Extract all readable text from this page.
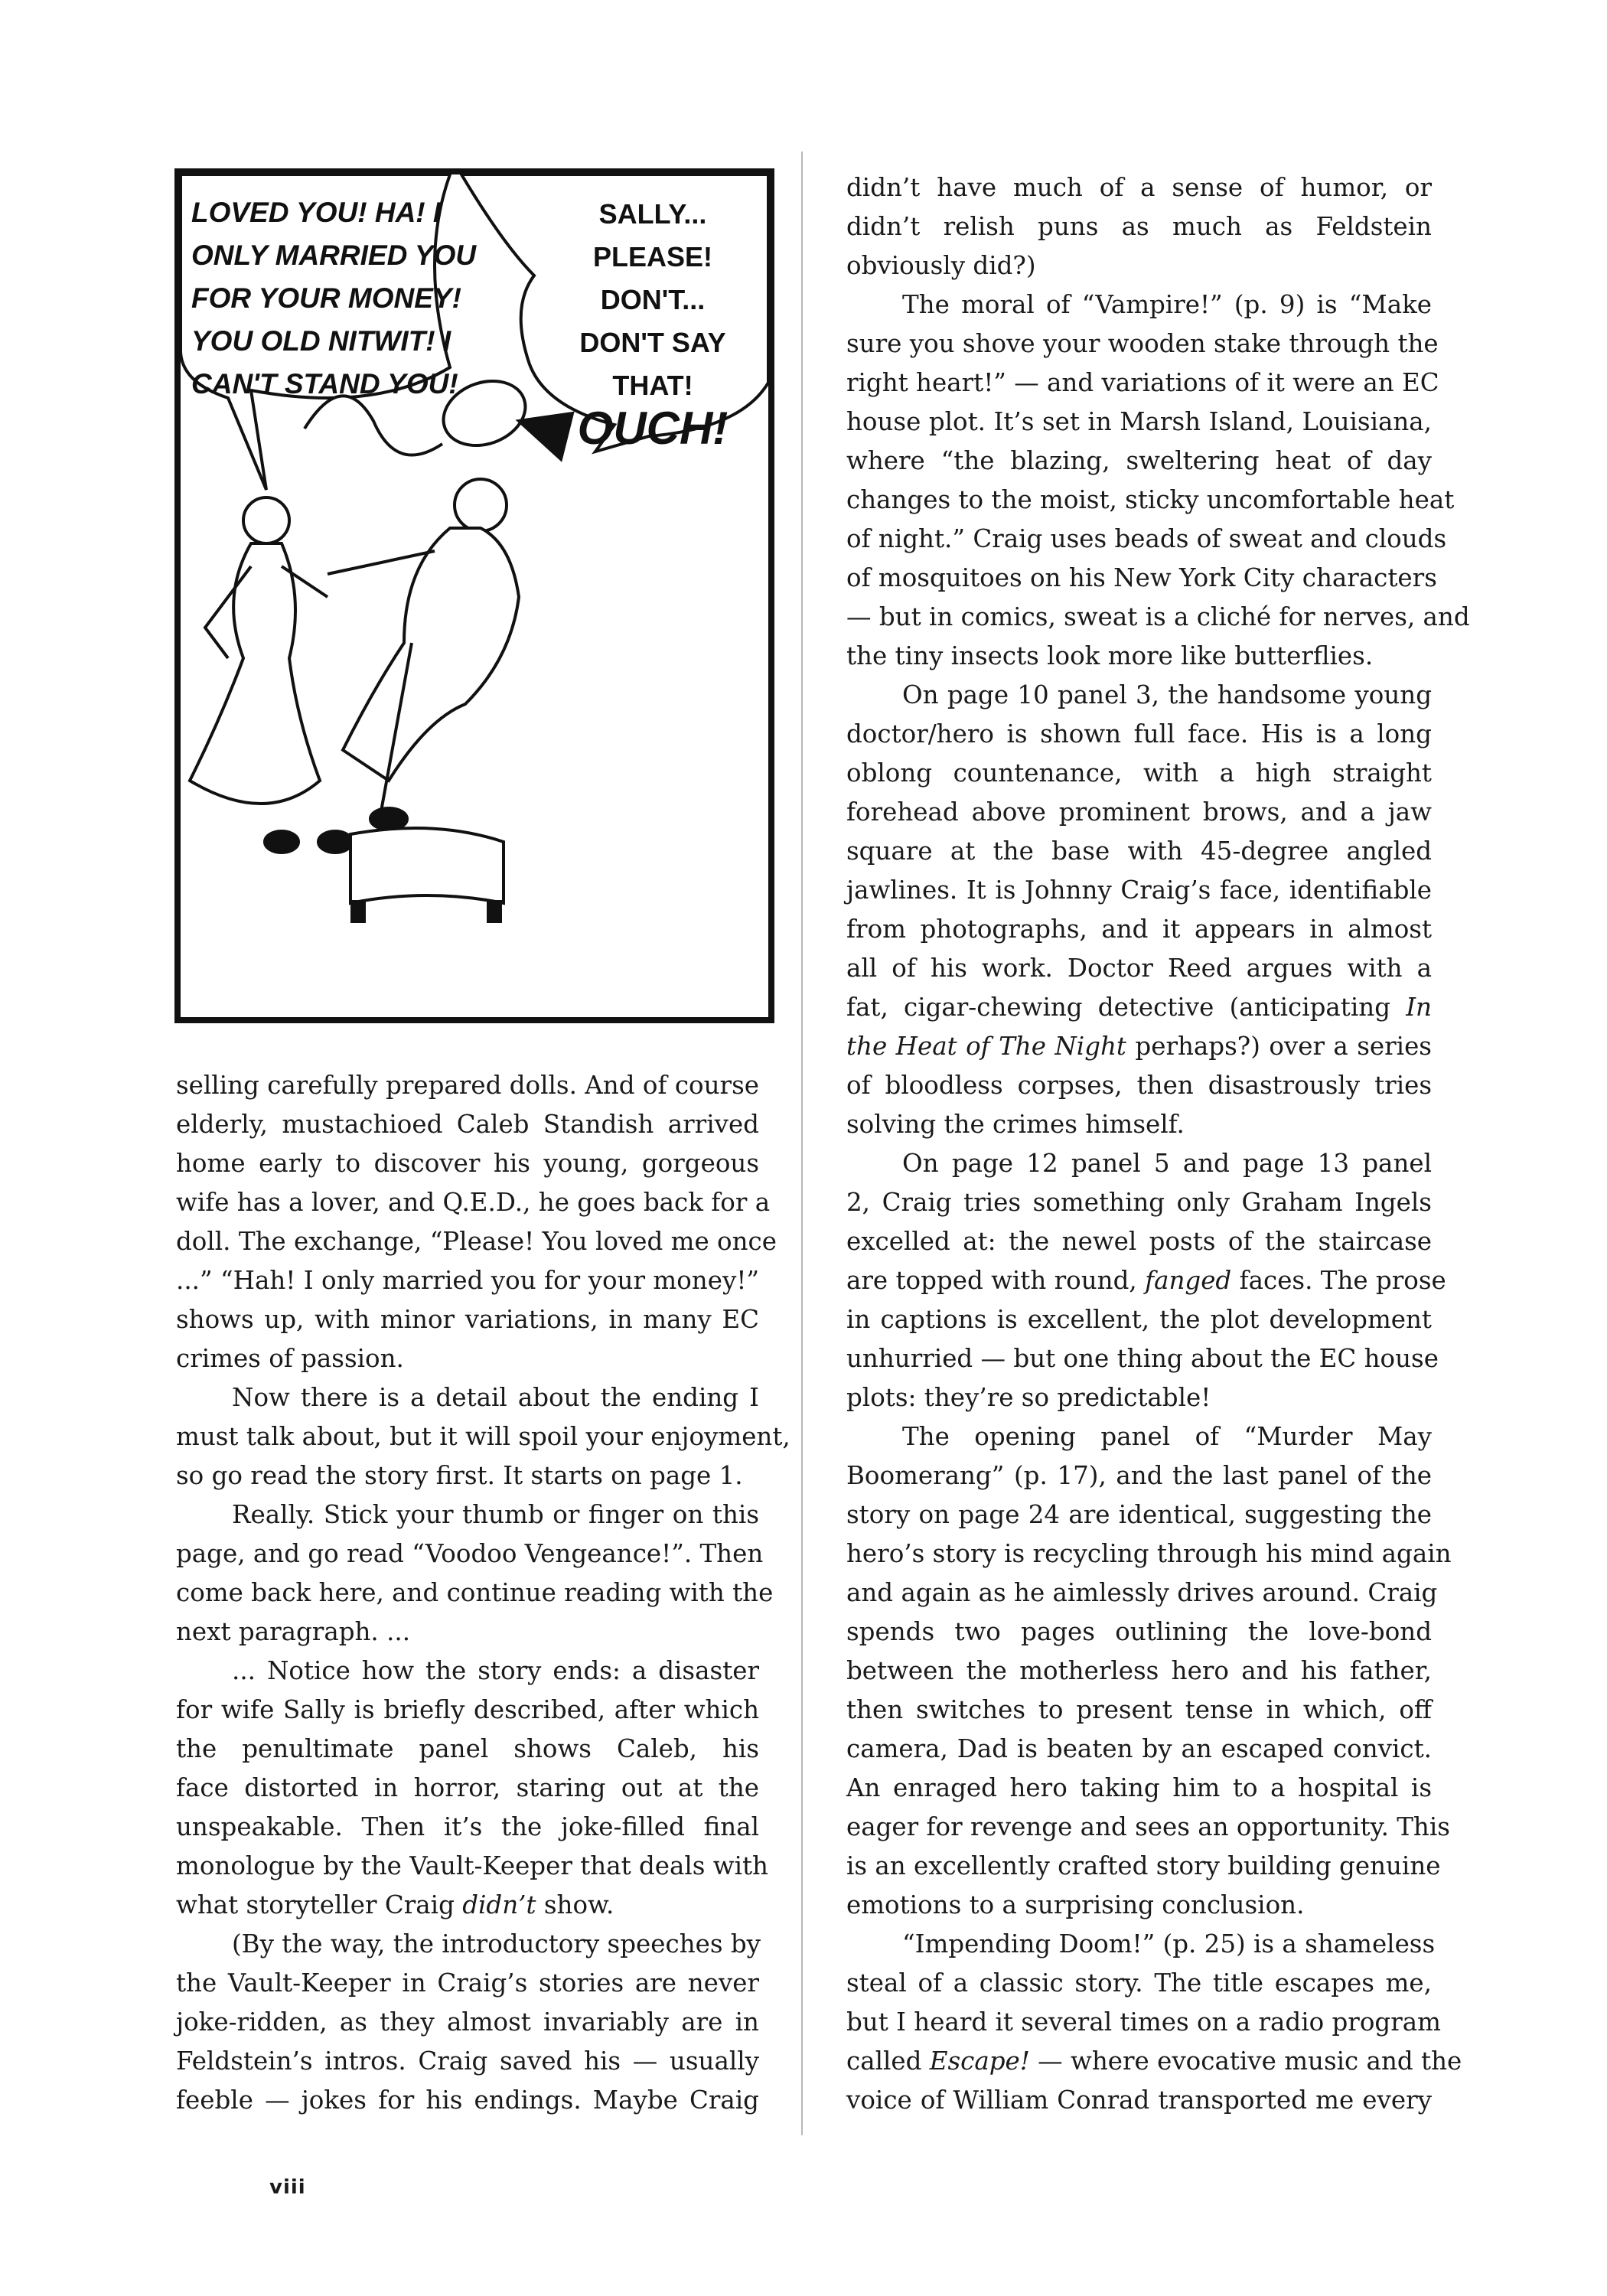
LOVED YOU! HA! I
ONLY MARRIED YOU
FOR YOUR MONEY!
YOU OLD NITWIT! I
CAN'T STAND YOU!
SALLY...
PLEASE!
DON'T...
DON'T SAY
THAT!
OUCH!
selling carefully prepared dolls. And of course
elderly, mustachioed Caleb Standish arrived
home early to discover his young, gorgeous
wife has a lover, and Q.E.D., he goes back for a
doll. The exchange, “Please! You loved me once
...” “Hah! I only married you for your money!”
shows up, with minor variations, in many EC
crimes of passion.
Now there is a detail about the ending I
must talk about, but it will spoil your enjoyment,
so go read the story first. It starts on page 1.
Really. Stick your thumb or finger on this
page, and go read “Voodoo Vengeance!”. Then
come back here, and continue reading with the
next paragraph. ...
... Notice how the story ends: a disaster
for wife Sally is briefly described, after which
the penultimate panel shows Caleb, his
face distorted in horror, staring out at the
unspeakable. Then it’s the joke-filled final
monologue by the Vault-Keeper that deals with
what storyteller Craig didn’t show.
(By the way, the introductory speeches by
the Vault-Keeper in Craig’s stories are never
joke-ridden, as they almost invariably are in
Feldstein’s intros. Craig saved his — usually
feeble — jokes for his endings. Maybe Craig
didn’t have much of a sense of humor, or
didn’t relish puns as much as Feldstein
obviously did?)
The moral of “Vampire!” (p. 9) is “Make
sure you shove your wooden stake through the
right heart!” — and variations of it were an EC
house plot. It’s set in Marsh Island, Louisiana,
where “the blazing, sweltering heat of day
changes to the moist, sticky uncomfortable heat
of night.” Craig uses beads of sweat and clouds
of mosquitoes on his New York City characters
— but in comics, sweat is a cliché for nerves, and
the tiny insects look more like butterflies.
On page 10 panel 3, the handsome young
doctor/hero is shown full face. His is a long
oblong countenance, with a high straight
forehead above prominent brows, and a jaw
square at the base with 45-degree angled
jawlines. It is Johnny Craig’s face, identifiable
from photographs, and it appears in almost
all of his work. Doctor Reed argues with a
fat, cigar-chewing detective (anticipating In
the Heat of The Night perhaps?) over a series
of bloodless corpses, then disastrously tries
solving the crimes himself.
On page 12 panel 5 and page 13 panel
2, Craig tries something only Graham Ingels
excelled at: the newel posts of the staircase
are topped with round, fanged faces. The prose
in captions is excellent, the plot development
unhurried — but one thing about the EC house
plots: they’re so predictable!
The opening panel of “Murder May
Boomerang” (p. 17), and the last panel of the
story on page 24 are identical, suggesting the
hero’s story is recycling through his mind again
and again as he aimlessly drives around. Craig
spends two pages outlining the love-bond
between the motherless hero and his father,
then switches to present tense in which, off
camera, Dad is beaten by an escaped convict.
An enraged hero taking him to a hospital is
eager for revenge and sees an opportunity. This
is an excellently crafted story building genuine
emotions to a surprising conclusion.
“Impending Doom!” (p. 25) is a shameless
steal of a classic story. The title escapes me,
but I heard it several times on a radio program
called Escape! — where evocative music and the
voice of William Conrad transported me every
viii
